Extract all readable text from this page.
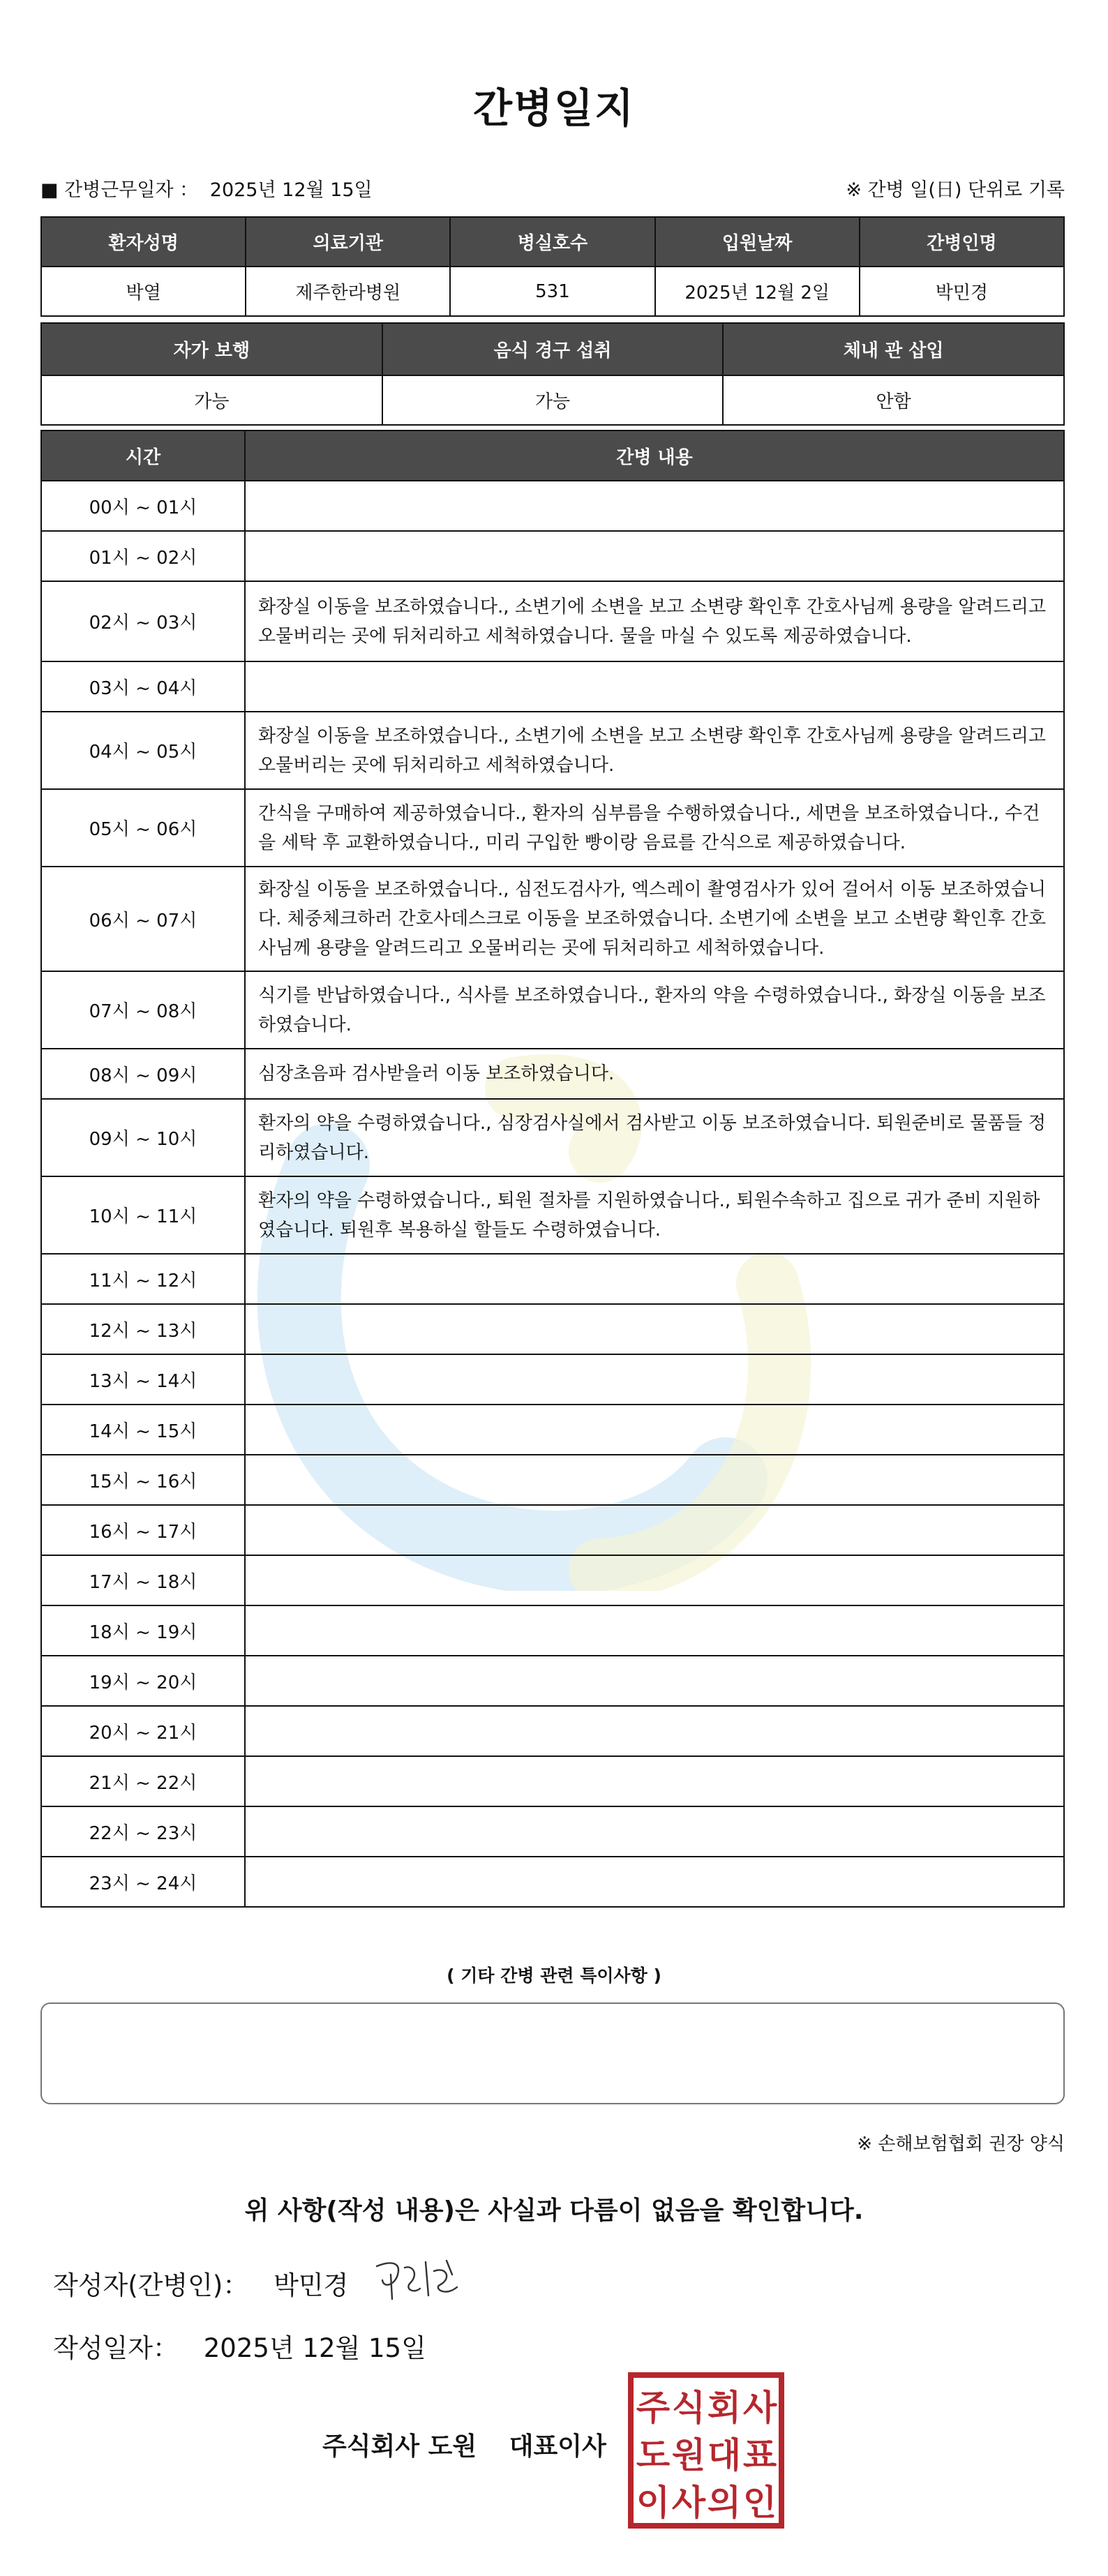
간병일지
■ 간병근무일자 ： 2025년 12월 15일	※ 간병 일(日) 단위로 기록
환자성명	의료기관	병실호수	입원날짜	간병인명
박열	제주한라병원	531	2025년 12월 2일	박민경
자가 보행	음식 경구 섭취	체내 관 삽입
가능	가능	안함
시간	간병 내용
00시 ~ 01시	
01시 ~ 02시	
02시 ~ 03시	화장실 이동을 보조하였습니다., 소변기에 소변을 보고 소변량 확인후 간호사님께 용량을 알려드리고 오물버리는 곳에 뒤처리하고 세척하였습니다. 물을 마실 수 있도록 제공하였습니다.
03시 ~ 04시	
04시 ~ 05시	화장실 이동을 보조하였습니다., 소변기에 소변을 보고 소변량 확인후 간호사님께 용량을 알려드리고 오물버리는 곳에 뒤처리하고 세척하였습니다.
05시 ~ 06시	간식을 구매하여 제공하였습니다., 환자의 심부름을 수행하였습니다., 세면을 보조하였습니다., 수건을 세탁 후 교환하였습니다., 미리 구입한 빵이랑 음료를 간식으로 제공하였습니다.
06시 ~ 07시	화장실 이동을 보조하였습니다., 심전도검사가, 엑스레이 촬영검사가 있어 걸어서 이동 보조하였습니다. 체중체크하러 간호사데스크로 이동을 보조하였습니다. 소변기에 소변을 보고 소변량 확인후 간호사님께 용량을 알려드리고 오물버리는 곳에 뒤처리하고 세척하였습니다.
07시 ~ 08시	식기를 반납하였습니다., 식사를 보조하였습니다., 환자의 약을 수령하였습니다., 화장실 이동을 보조하였습니다.
08시 ~ 09시	심장초음파 검사받을러 이동 보조하였습니다.
09시 ~ 10시	환자의 약을 수령하였습니다., 심장검사실에서 검사받고 이동 보조하였습니다. 퇴원준비로 물품들 정리하였습니다.
10시 ~ 11시	환자의 약을 수령하였습니다., 퇴원 절차를 지원하였습니다., 퇴원수속하고 집으로 귀가 준비 지원하였습니다. 퇴원후 복용하실 할들도 수령하였습니다.
11시 ~ 12시	
12시 ~ 13시	
13시 ~ 14시	
14시 ~ 15시	
15시 ~ 16시	
16시 ~ 17시	
17시 ~ 18시	
18시 ~ 19시	
19시 ~ 20시	
20시 ~ 21시	
21시 ~ 22시	
22시 ~ 23시	
23시 ~ 24시	
( 기타 간병 관련 특이사항 )
※ 손해보험협회 권장 양식
위 사항(작성 내용)은 사실과 다름이 없음을 확인합니다.
작성자(간병인)： 박민경
작성일자： 2025년 12월 15일
주식회사 도원 대표이사
주 식 회 사
도 원 대 표
이 사 의 인
